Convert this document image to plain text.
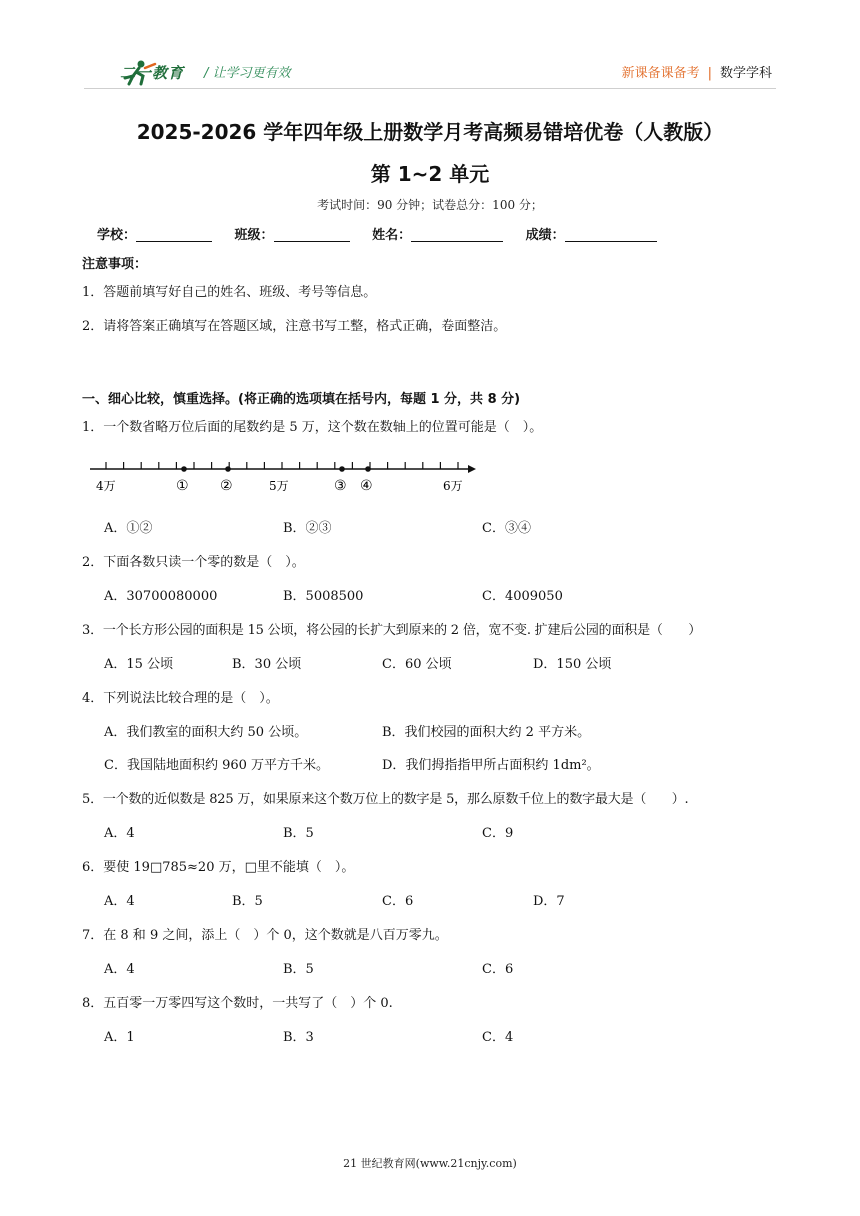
二一教育 / 让学习更有效	新课备课备考 | 数学学科
2025-2026 学年四年级上册数学月考高频易错培优卷（人教版）
第 1~2 单元
考试时间：90 分钟；试卷总分：100 分；
学校：	班级：	姓名：	成绩：
注意事项：
1．答题前填写好自己的姓名、班级、考号等信息。
2．请将答案正确填写在答题区域，注意书写工整，格式正确，卷面整洁。
一、细心比较，慎重选择。(将正确的选项填在括号内，每题 1 分，共 8 分)
1．一个数省略万位后面的尾数约是 5 万，这个数在数轴上的位置可能是（　）。
4万	5万	6万
① ②	③ ④
A．①②	B．②③	C．③④
2．下面各数只读一个零的数是（　）。
A．30700080000	B．5008500	C．4009050
3．一个长方形公园的面积是 15 公顷，将公园的长扩大到原来的 2 倍，宽不变. 扩建后公园的面积是（　　）
A．15 公顷	B．30 公顷	C．60 公顷	D．150 公顷
4．下列说法比较合理的是（　）。
A．我们教室的面积大约 50 公顷。	B．我们校园的面积大约 2 平方米。
C．我国陆地面积约 960 万平方千米。	D．我们拇指指甲所占面积约 1dm²。
5．一个数的近似数是 825 万，如果原来这个数万位上的数字是 5，那么原数千位上的数字最大是（　　）.
A．4	B．5	C．9
6．要使 19□785≈20 万，□里不能填（　）。
A．4	B．5	C．6	D．7
7．在 8 和 9 之间，添上（　）个 0，这个数就是八百万零九。
A．4	B．5	C．6
8．五百零一万零四写这个数时，一共写了（　）个 0.
A．1	B．3	C．4
21 世纪教育网(www.21cnjy.com)
